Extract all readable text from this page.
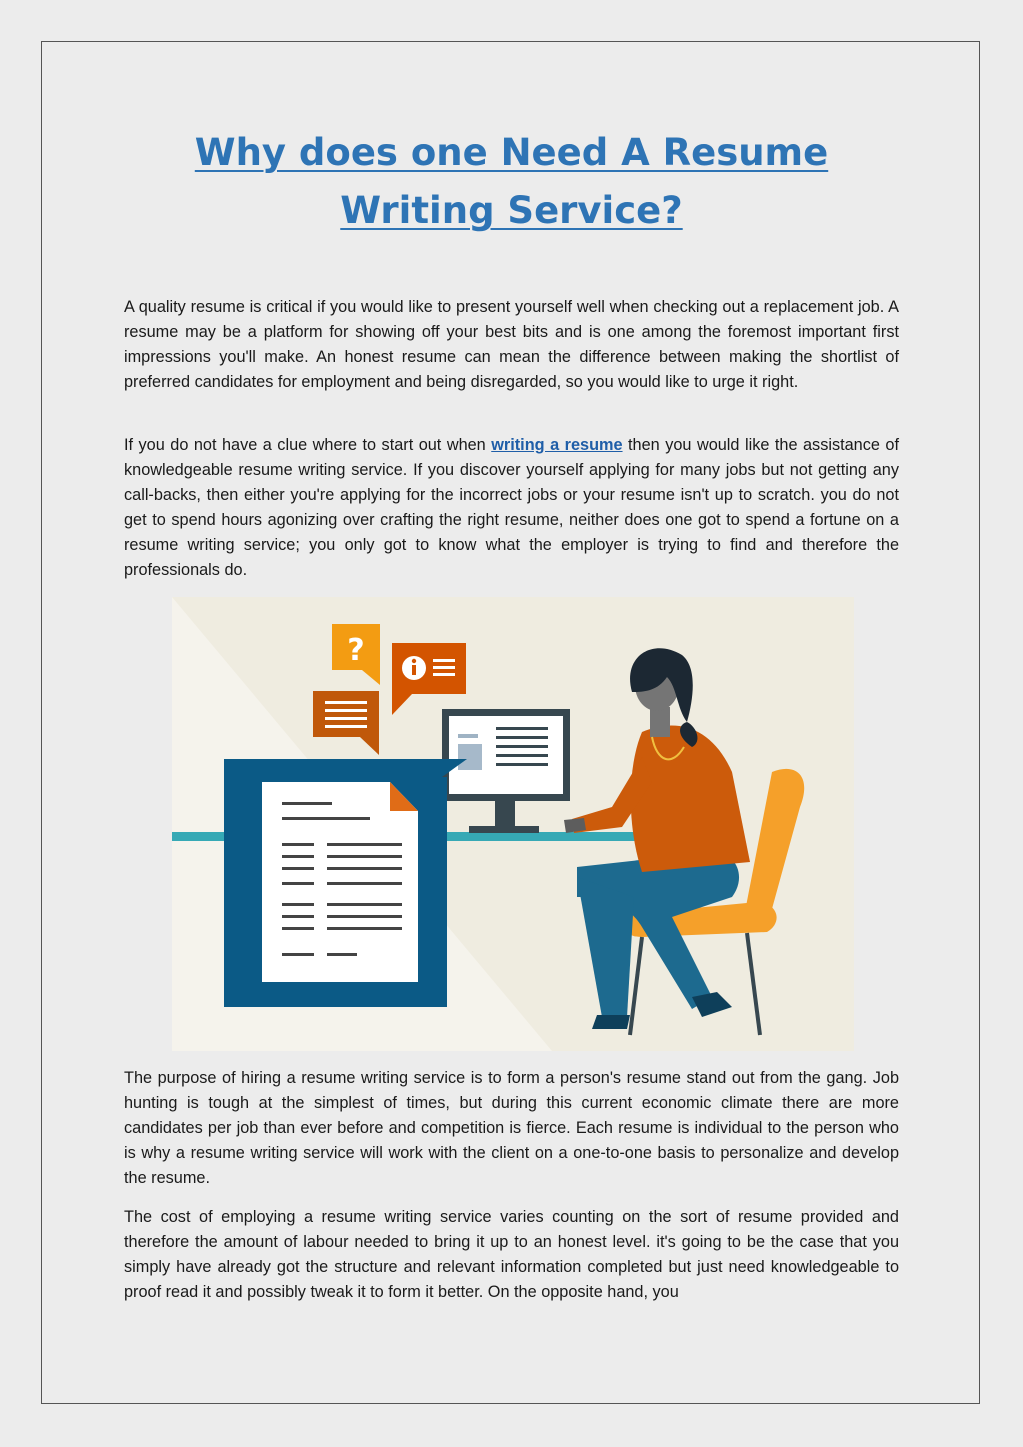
Why does one Need A Resume Writing Service?

A quality resume is critical if you would like to present yourself well when checking out a replacement job. A resume may be a platform for showing off your best bits and is one among the foremost important first impressions you'll make. An honest resume can mean the difference between making the shortlist of preferred candidates for employment and being disregarded, so you would like to urge it right.

If you do not have a clue where to start out when writing a resume then you would like the assistance of knowledgeable resume writing service. If you discover yourself applying for many jobs but not getting any call-backs, then either you're applying for the incorrect jobs or your resume isn't up to scratch. you do not get to spend hours agonizing over crafting the right resume, neither does one got to spend a fortune on a resume writing service; you only got to know what the employer is trying to find and therefore the professionals do.

?

The purpose of hiring a resume writing service is to form a person's resume stand out from the gang. Job hunting is tough at the simplest of times, but during this current economic climate there are more candidates per job than ever before and competition is fierce. Each resume is individual to the person who is why a resume writing service will work with the client on a one-to-one basis to personalize and develop the resume.

The cost of employing a resume writing service varies counting on the sort of resume provided and therefore the amount of labour needed to bring it up to an honest level. it's going to be the case that you simply have already got the structure and relevant information completed but just need knowledgeable to proof read it and possibly tweak it to form it better. On the opposite hand, you
